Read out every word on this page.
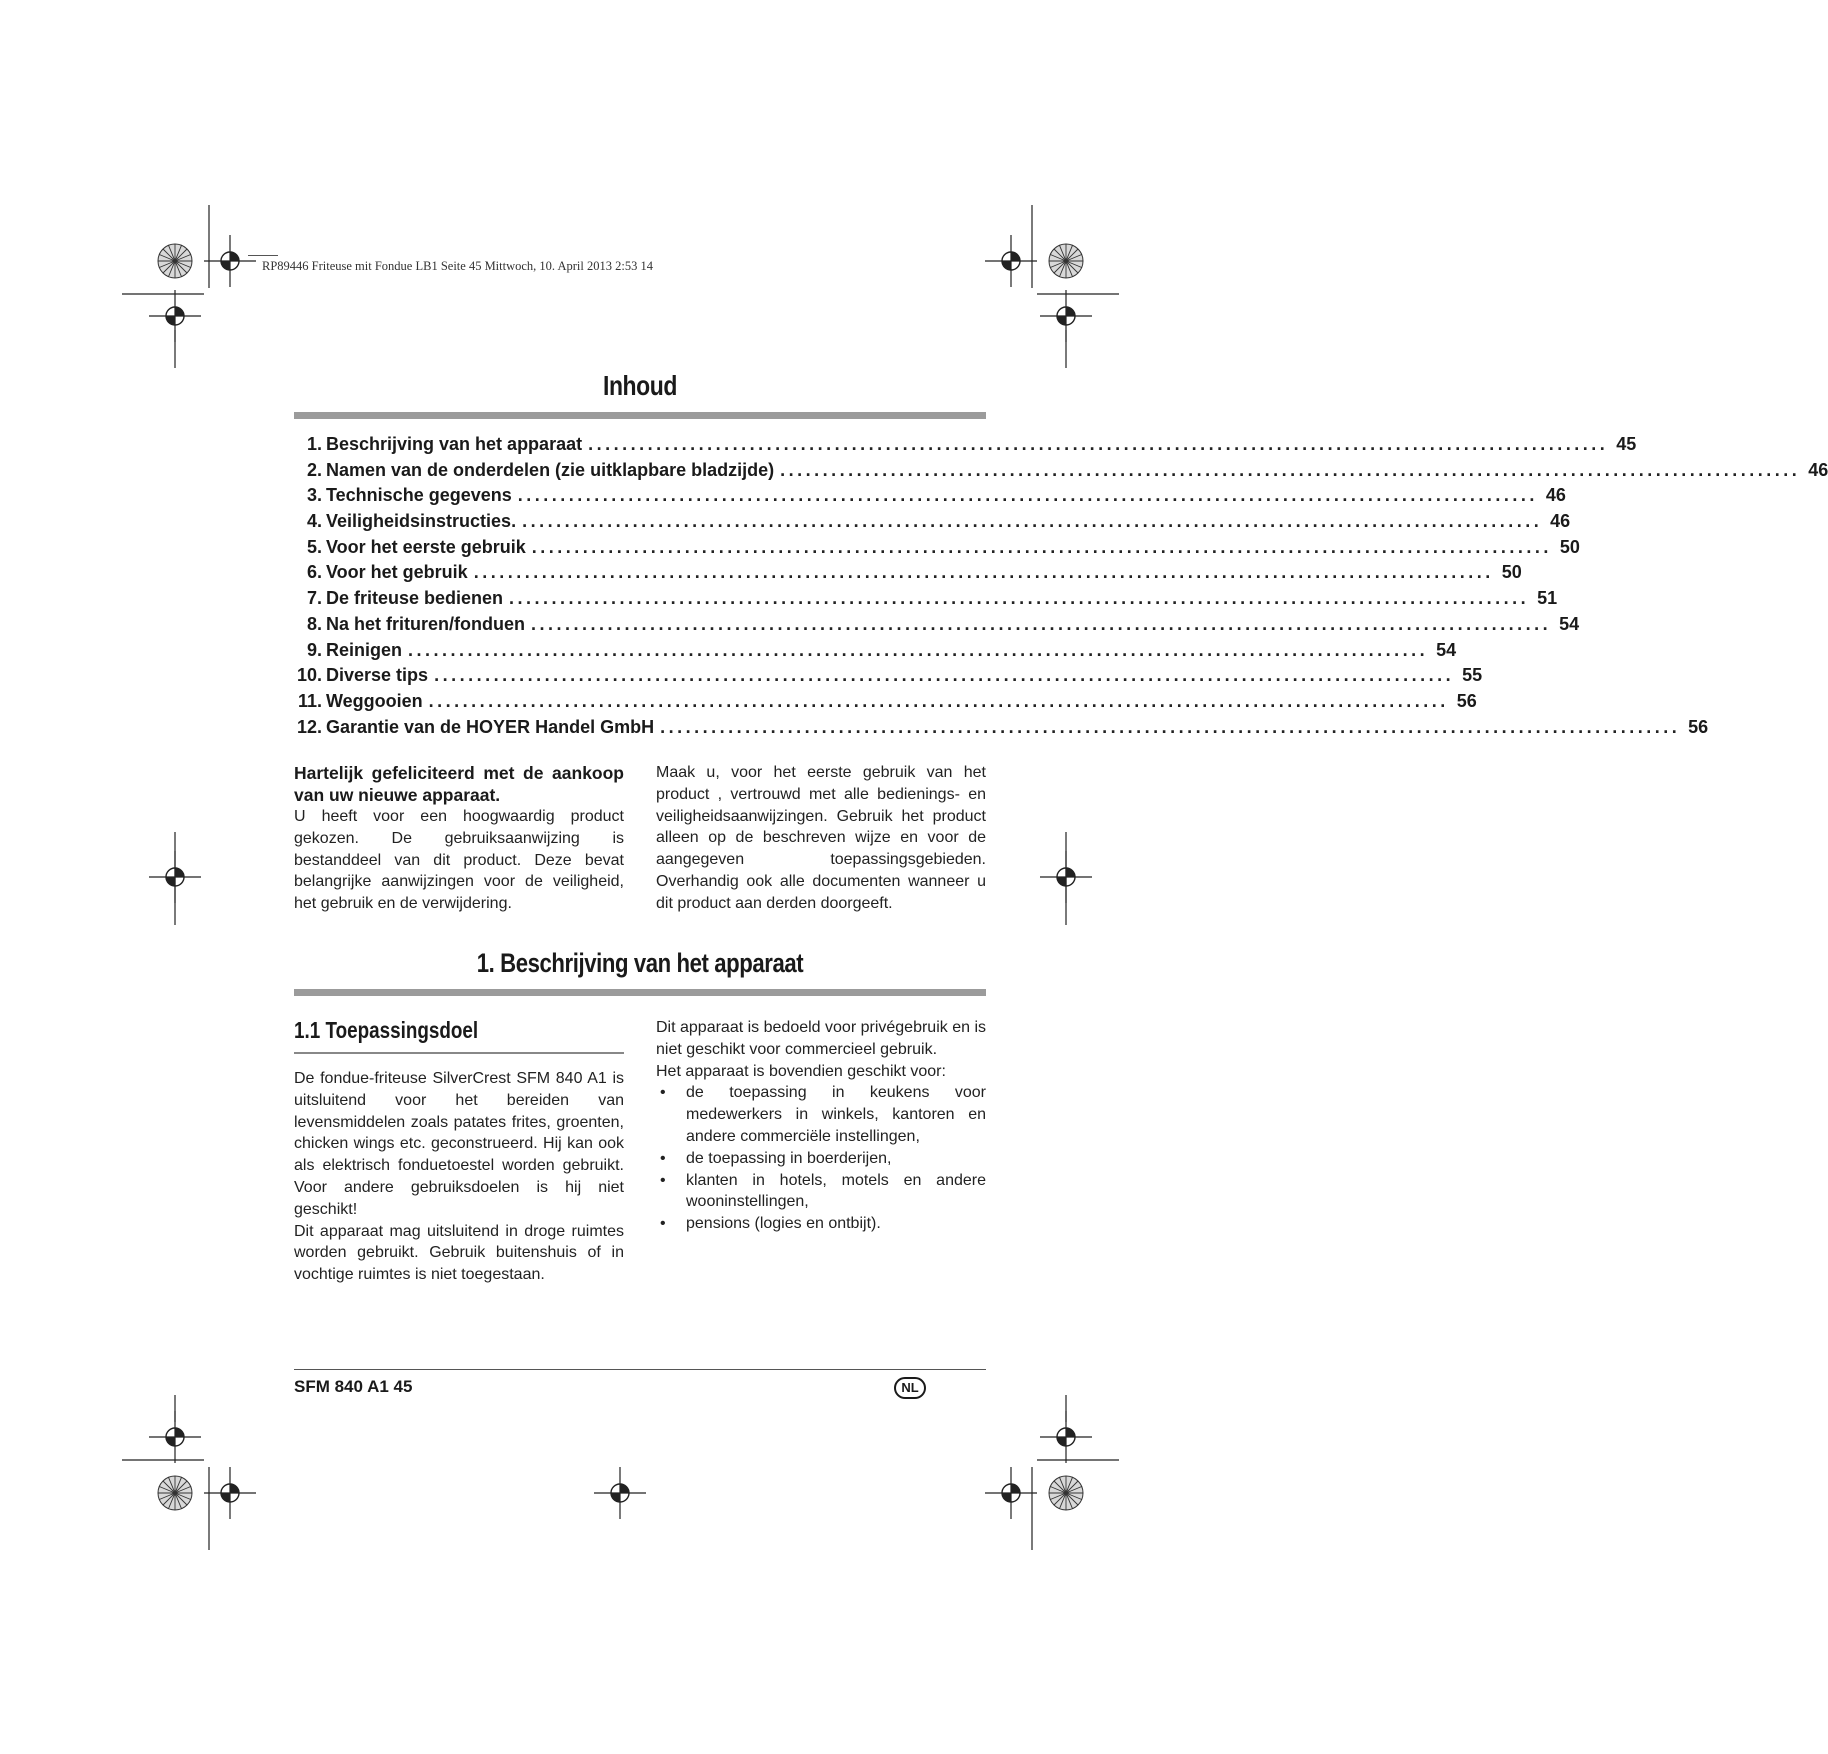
RP89446 Friteuse mit Fondue LB1 Seite 45 Mittwoch, 10. April 2013 2:53 14
Inhoud
1. Beschrijving van het apparaat ........................................................................................................................ 45
2. Namen van de onderdelen (zie uitklapbare bladzijde) ........................................................................................................................ 46
3. Technische gegevens ........................................................................................................................ 46
4. Veiligheidsinstructies. ........................................................................................................................ 46
5. Voor het eerste gebruik ........................................................................................................................ 50
6. Voor het gebruik ........................................................................................................................ 50
7. De friteuse bedienen ........................................................................................................................ 51
8. Na het frituren/fonduen ........................................................................................................................ 54
9. Reinigen ........................................................................................................................ 54
10. Diverse tips ........................................................................................................................ 55
11. Weggooien ........................................................................................................................ 56
12. Garantie van de HOYER Handel GmbH ........................................................................................................................ 56
Hartelijk gefeliciteerd met de aankoop van uw nieuwe apparaat.
U heeft voor een hoogwaardig product gekozen. De gebruiksaanwijzing is bestanddeel van dit product. Deze bevat belangrijke aanwijzingen voor de veiligheid, het gebruik en de verwijdering.
Maak u, voor het eerste gebruik van het product , vertrouwd met alle bedienings- en veiligheidsaanwijzingen. Gebruik het product alleen op de beschreven wijze en voor de aangegeven toepassingsgebieden. Overhandig ook alle documenten wanneer u dit product aan derden doorgeeft.
1. Beschrijving van het apparaat
1.1 Toepassingsdoel

De fondue-friteuse SilverCrest SFM 840 A1 is uitsluitend voor het bereiden van levensmiddelen zoals patates frites, groenten, chicken wings etc. geconstrueerd. Hij kan ook als elektrisch fonduetoestel worden gebruikt. Voor andere gebruiksdoelen is hij niet geschikt!

Dit apparaat mag uitsluitend in droge ruimtes worden gebruikt. Gebruik buitenshuis of in vochtige ruimtes is niet toegestaan.

Dit apparaat is bedoeld voor privégebruik en is niet geschikt voor commercieel gebruik.

Het apparaat is bovendien geschikt voor:

• de toepassing in keukens voor medewerkers in winkels, kantoren en andere commerciële instellingen,
• de toepassing in boerderijen,
• klanten in hotels, motels en andere wooninstellingen,
• pensions (logies en ontbijt).
SFM 840 A1 45	NL
